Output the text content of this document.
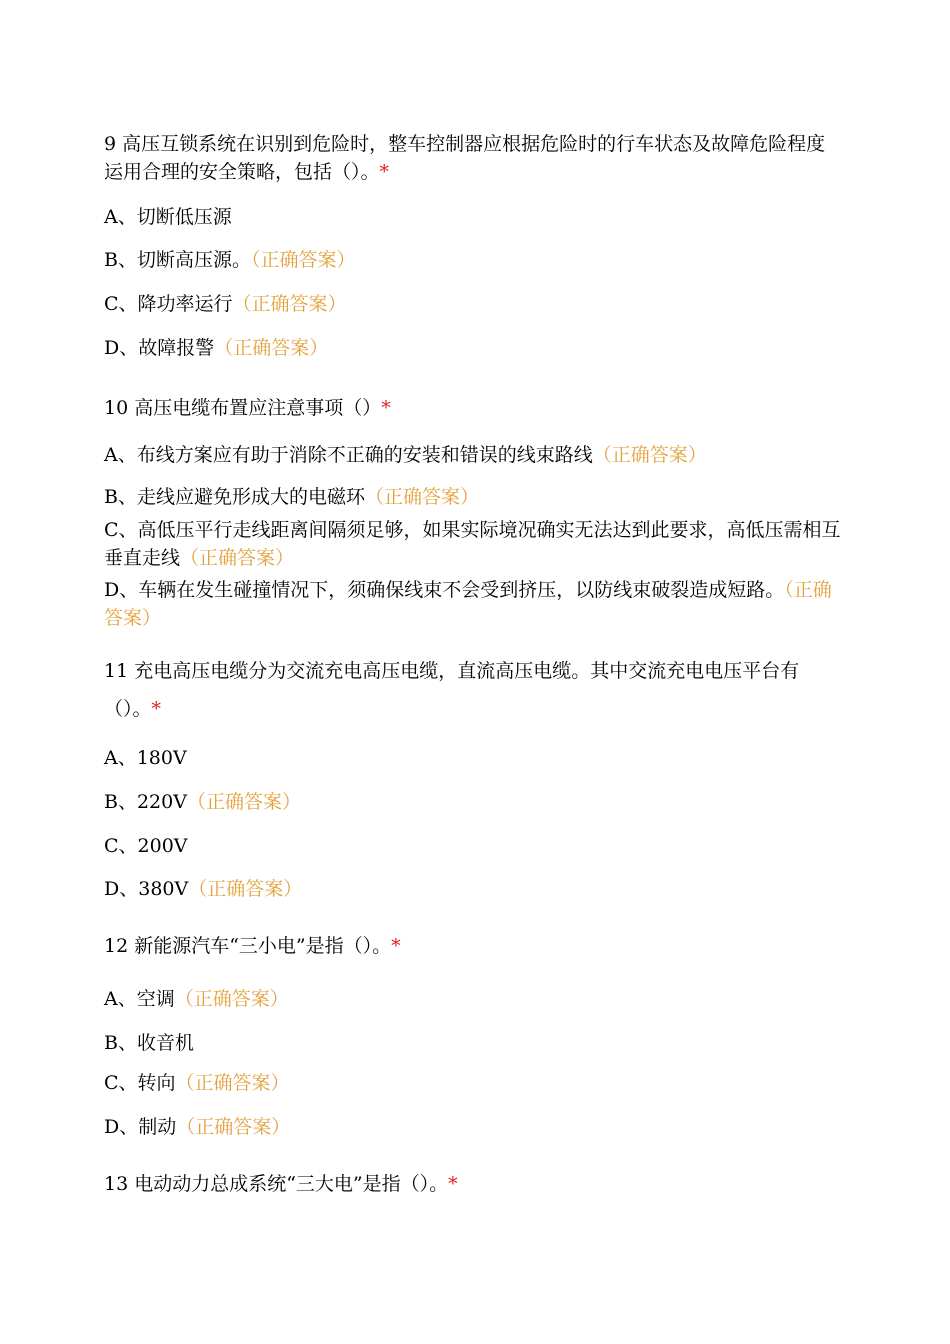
9 高压互锁系统在识别到危险时，整车控制器应根据危险时的行车状态及故障危险程度运用合理的安全策略，包括（）。*
A、切断低压源
B、切断高压源。（正确答案）
C、降功率运行（正确答案）
D、故障报警（正确答案）
10 高压电缆布置应注意事项（）*
A、布线方案应有助于消除不正确的安装和错误的线束路线（正确答案）
B、走线应避免形成大的电磁环（正确答案）
C、高低压平行走线距离间隔须足够，如果实际境况确实无法达到此要求，高低压需相互垂直走线（正确答案）
D、车辆在发生碰撞情况下，须确保线束不会受到挤压，以防线束破裂造成短路。（正确答案）
11 充电高压电缆分为交流充电高压电缆，直流高压电缆。其中交流充电电压平台有（）。*
A、180V
B、220V（正确答案）
C、200V
D、380V（正确答案）
12 新能源汽车“三小电”是指（）。*
A、空调（正确答案）
B、收音机
C、转向（正确答案）
D、制动（正确答案）
13 电动动力总成系统“三大电”是指（）。*
